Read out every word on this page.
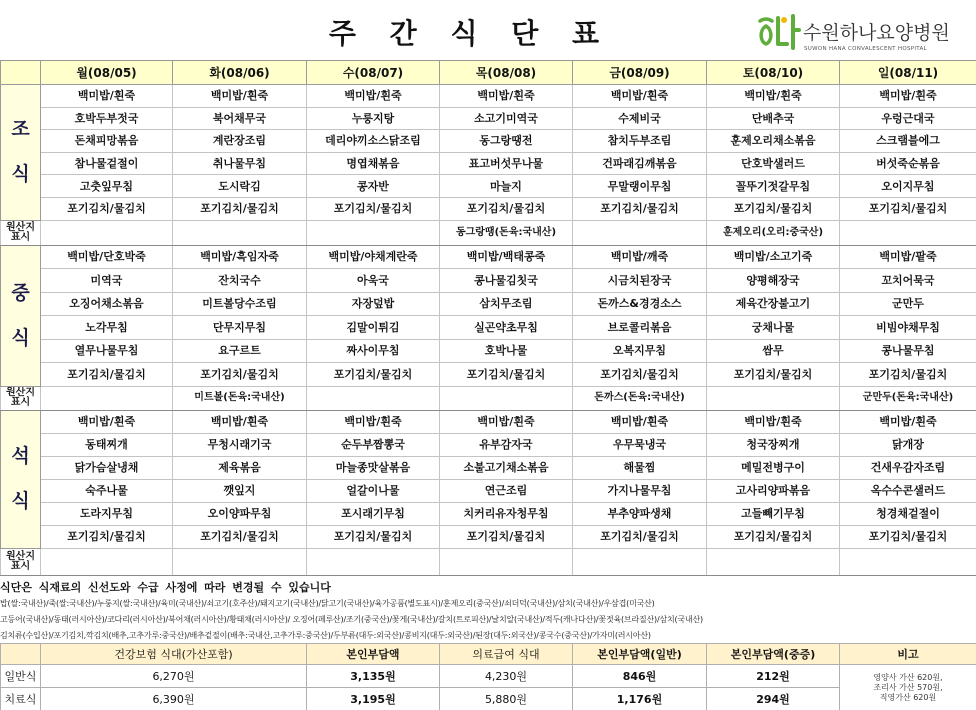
주 간 식 단 표	수원하나요양병원
SUWON HANA CONVALESCENT HOSPITAL
	월(08/05)	화(08/06)	수(08/07)	목(08/08)	금(08/09)	토(08/10)	일(08/11)

조
식	백미밥/흰죽	백미밥/흰죽	백미밥/흰죽	백미밥/흰죽	백미밥/흰죽	백미밥/흰죽	백미밥/흰죽
	호박두부젓국	북어채무국	누룽지탕	소고기미역국	수제비국	단배추국	우렁근대국
	돈채피망볶음	계란장조림	데리야끼소스닭조림	동그랑땡전	참치두부조림	훈제오리채소볶음	스크램블에그
	참나물겉절이	취나물무침	명엽채볶음	표고버섯무나물	건파래김깨볶음	단호박샐러드	버섯죽순볶음
	고춧잎무침	도시락김	콩자반	마늘지	무말랭이무침	꼴뚜기젓갈무침	오이지무침
	포기김치/물김치	포기김치/물김치	포기김치/물김치	포기김치/물김치	포기김치/물김치	포기김치/물김치	포기김치/물김치
원산지
표시				동그랑땡(돈육:국내산)		훈제오리(오리:중국산)	

중
식	백미밥/단호박죽	백미밥/흑임자죽	백미밥/야채계란죽	백미밥/백태콩죽	백미밥/깨죽	백미밥/소고기죽	백미밥/팥죽
	미역국	잔치국수	아욱국	콩나물김칫국	시금치된장국	양평해장국	꼬치어묵국
	오징어채소볶음	미트볼당수조림	자장덮밥	삼치무조림	돈까스&경경소스	제육간장불고기	군만두
	노각무침	단무지무침	김말이튀김	실곤약초무침	브로콜리볶음	궁채나물	비빔야채무침
	열무나물무침	요구르트	짜사이무침	호박나물	오복지무침	쌈무	콩나물무침
	포기김치/물김치	포기김치/물김치	포기김치/물김치	포기김치/물김치	포기김치/물김치	포기김치/물김치	포기김치/물김치
원산지
표시		미트볼(돈육:국내산)			돈까스(돈육:국내산)		군만두(돈육:국내산)

석
식	백미밥/흰죽	백미밥/흰죽	백미밥/흰죽	백미밥/흰죽	백미밥/흰죽	백미밥/흰죽	백미밥/흰죽
	동태찌개	무청시래기국	순두부짬뽕국	유부감자국	우무묵냉국	청국장찌개	닭개장
	닭가슴살냉채	제육볶음	마늘종맛살볶음	소불고기채소볶음	해물찜	메밀전병구이	건새우감자조림
	숙주나물	깻잎지	얼갈이나물	연근조림	가지나물무침	고사리양파볶음	옥수수콘샐러드
	도라지무침	오이양파무침	포시래기무침	치커리유자청무침	부추양파생채	고들빼기무침	청경채겉절이
	포기김치/물김치	포기김치/물김치	포기김치/물김치	포기김치/물김치	포기김치/물김치	포기김치/물김치	포기김치/물김치
원산지
표시							
식단은 식재료의 신선도와 수급 사정에 따라 변경될 수 있습니다
밥(쌀:국내산)/죽(쌀:국내산)/누룽지(쌀:국내산)/육미(국내산)/쇠고기(호주산)/돼지고기(국내산)/닭고기(국내산)/육가공품(별도표시)/훈제오리(중국산)/쇠더덕(국내산)/삼치(국내산)/우삼겹(미국산)
고등어(국내산)/동태(러시아산)/코다리(러시아산)/북어채(러시아산)/황태채(러시아산)/ 오징어(페루산)/조기(중국산)/꽃게(국내산)/갈치(트로피산)/날치알(국내산)/적두(캐나다산)/꽃젓육(브라질산)/삼치(국내산)
김치류(수입산)/포기김치,깍김치(배추,고추가루:중국산)/배추겉절이(배추:국내산,고추가루:중국산)/두부류(대두:외국산)/콩비지(대두:외국산)/된장(대두:외국산)/콩국수(중국산)/가자미(러시아산)
	건강보험 식대(가산포함)	본인부담액	의료급여 식대	본인부담액(일반)	본인부담액(중증)	비고
일반식	6,270원	3,135원	4,230원	846원	212원	영양사 가산 620원,
조리사 가산 570원,
직영가산 620원

치료식	6,390원	3,195원	5,880원	1,176원	294원	
